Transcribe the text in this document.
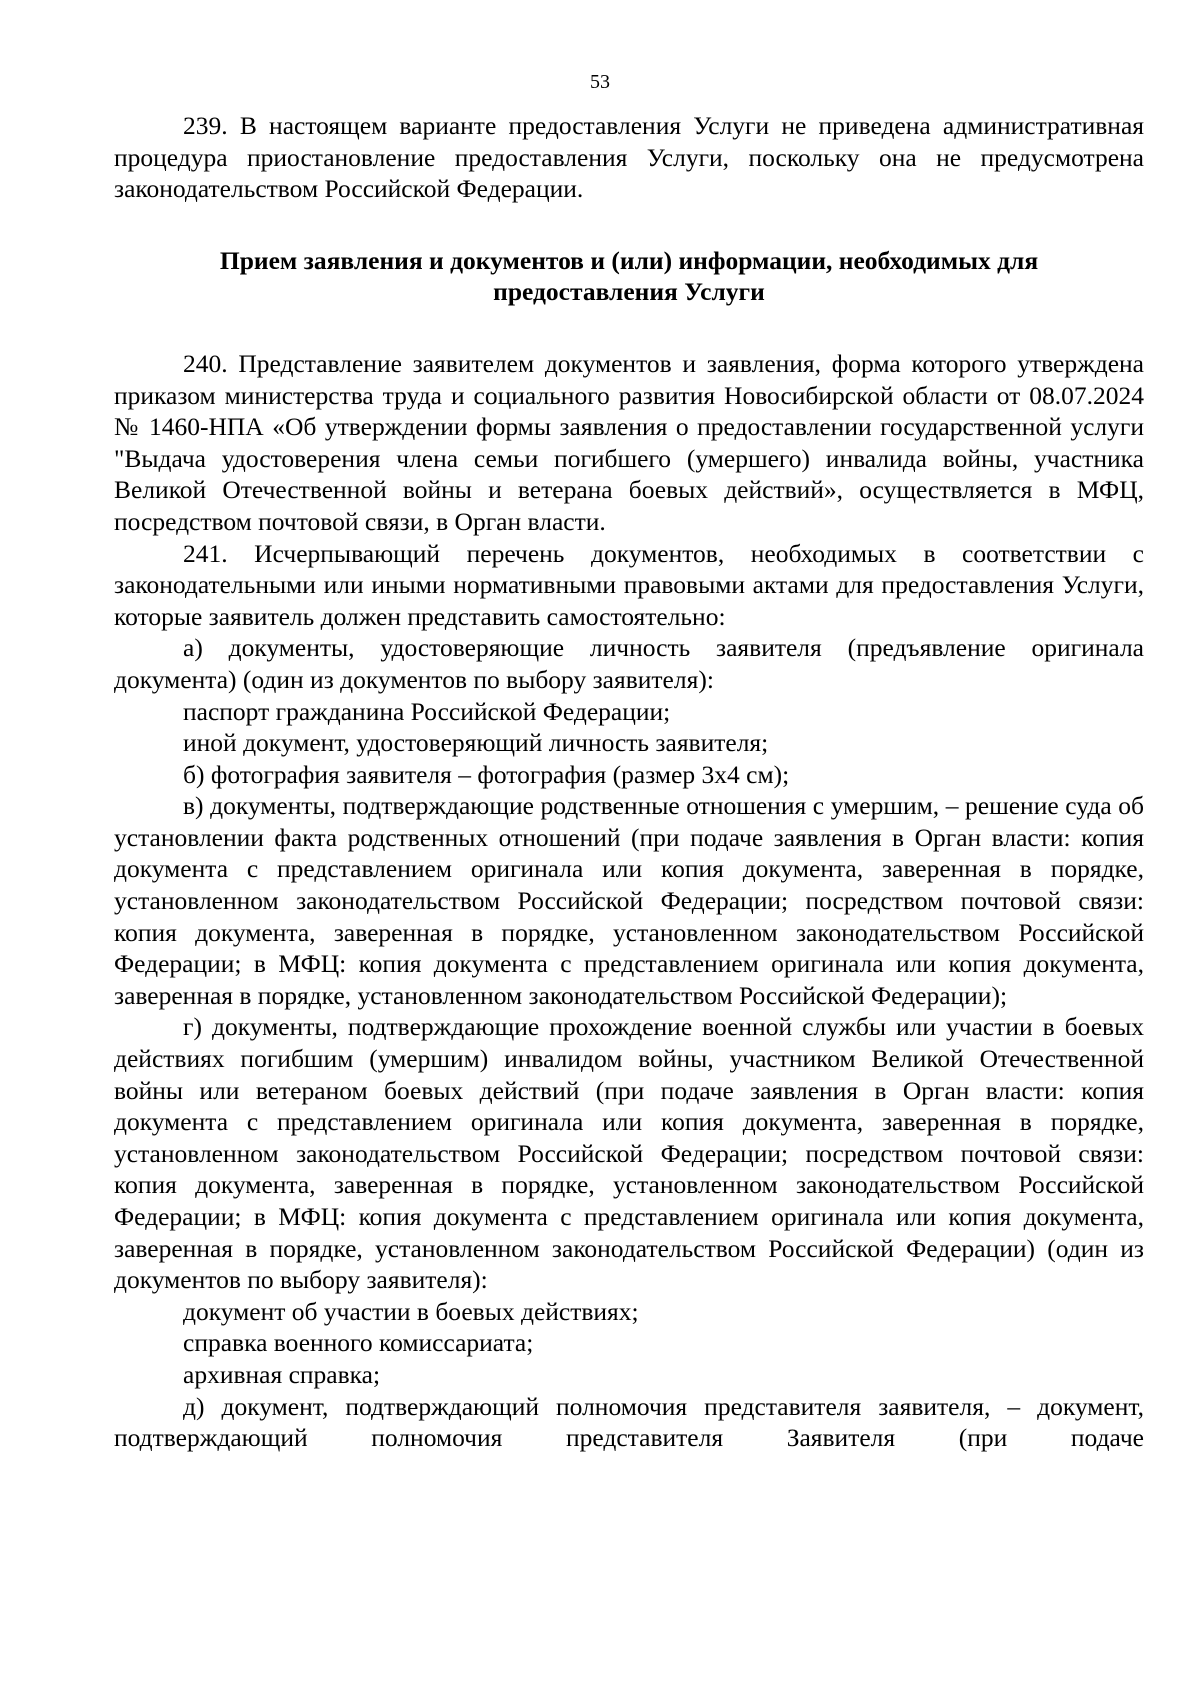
53

239. В настоящем варианте предоставления Услуги не приведена административная процедура приостановление предоставления Услуги, поскольку она не предусмотрена законодательством Российской Федерации.

Прием заявления и документов и (или) информации, необходимых для предоставления Услуги

240. Представление заявителем документов и заявления, форма которого утверждена приказом министерства труда и социального развития Новосибирской области от 08.07.2024 № 1460-НПА «Об утверждении формы заявления о предоставлении государственной услуги "Выдача удостоверения члена семьи погибшего (умершего) инвалида войны, участника Великой Отечественной войны и ветерана боевых действий», осуществляется в МФЦ, посредством почтовой связи, в Орган власти.

241. Исчерпывающий перечень документов, необходимых в соответствии с законодательными или иными нормативными правовыми актами для предоставления Услуги, которые заявитель должен представить самостоятельно:

а) документы, удостоверяющие личность заявителя (предъявление оригинала документа) (один из документов по выбору заявителя):

паспорт гражданина Российской Федерации;

иной документ, удостоверяющий личность заявителя;

б) фотография заявителя – фотография (размер 3х4 см);

в) документы, подтверждающие родственные отношения с умершим, – решение суда об установлении факта родственных отношений (при подаче заявления в Орган власти: копия документа с представлением оригинала или копия документа, заверенная в порядке, установленном законодательством Российской Федерации; посредством почтовой связи: копия документа, заверенная в порядке, установленном законодательством Российской Федерации; в МФЦ: копия документа с представлением оригинала или копия документа, заверенная в порядке, установленном законодательством Российской Федерации);

г) документы, подтверждающие прохождение военной службы или участии в боевых действиях погибшим (умершим) инвалидом войны, участником Великой Отечественной войны или ветераном боевых действий (при подаче заявления в Орган власти: копия документа с представлением оригинала или копия документа, заверенная в порядке, установленном законодательством Российской Федерации; посредством почтовой связи: копия документа, заверенная в порядке, установленном законодательством Российской Федерации; в МФЦ: копия документа с представлением оригинала или копия документа, заверенная в порядке, установленном законодательством Российской Федерации) (один из документов по выбору заявителя):

документ об участии в боевых действиях;

справка военного комиссариата;

архивная справка;

д) документ, подтверждающий полномочия представителя заявителя, – документ, подтверждающий полномочия представителя Заявителя (при подаче
